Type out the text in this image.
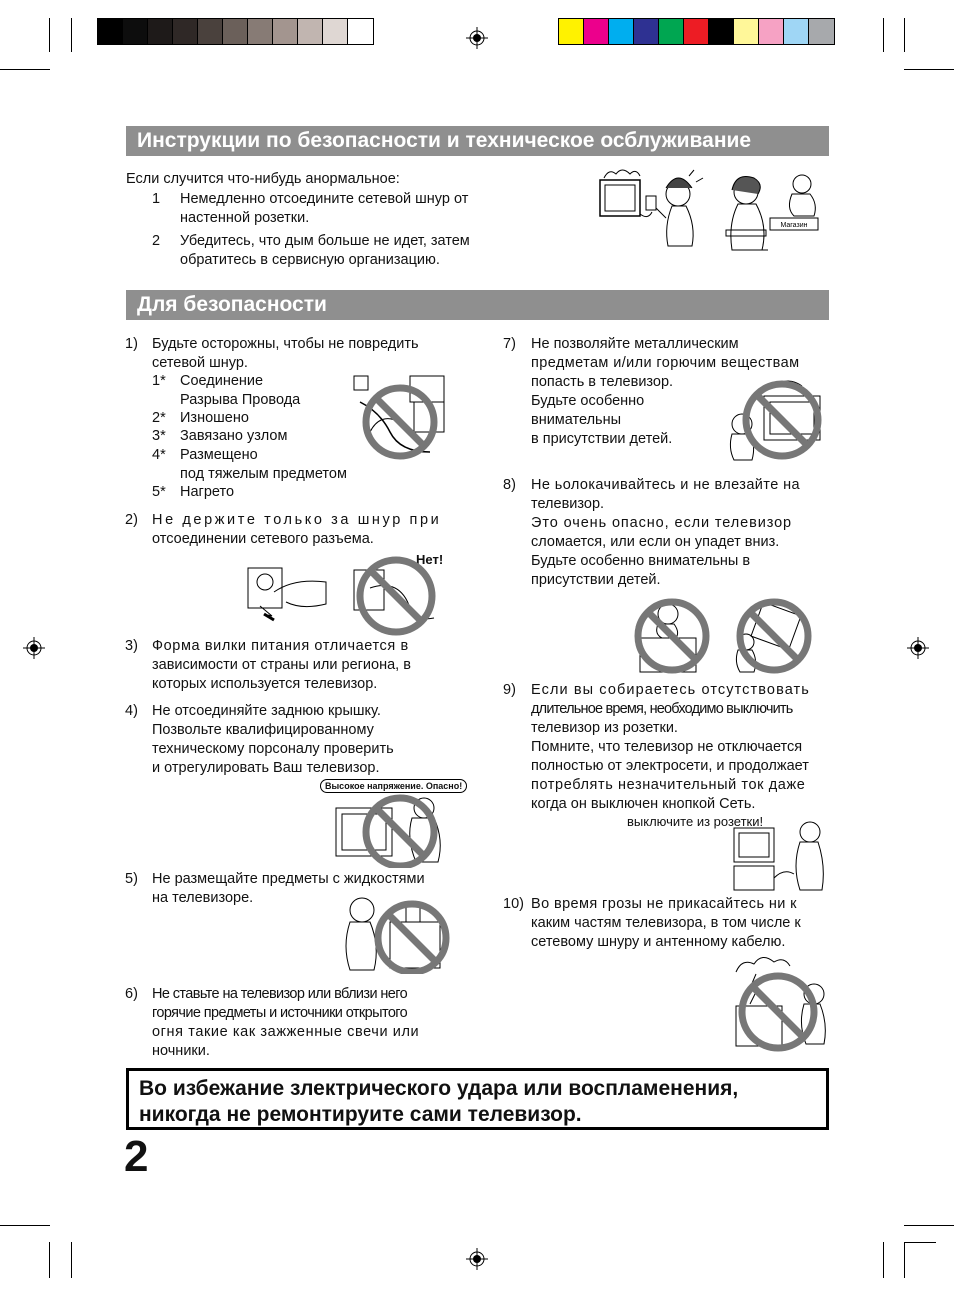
Инструкции по безопасности и техническое осблуживание
Если случится что-нибудь анормальное:
1 Немедленно отсоедините сетевой шнур от
настенной розетки.
2 Убедитесь, что дым больше не идет, затем
обратитесь в сервисную организацию.
Магазин
Для безопасности
1) Будьте осторожны, чтобы не повредить
сетевой шнур.
1* Соединение
Разрыва Провода
2* Изношено
3* Завязано узлом
4* Размещено
под тяжелым предметом
5* Нагрето
2) Не держите только за шнур при
отсоединении сетевого разъема.
Нет!
3) Форма вилки питания отличается в
зависимости от страны или региона, в
которых используется телевизор.
4) Не отсоединяйте заднюю крышку.
Позвольте квалифицированному
техническому порсоналу проверить
и отрегулировать Ваш телевизор.
Высокое напряжение. Опасно!
5) Не размещайте предметы с жидкостями
на телевизоре.
6) Не ставьте на телевизор или вблизи него
горячие предметы и источники открытого
огня такие как зажженные свечи или
ночники.
7) Не позволяйте металлическим
предметам и/или горючим веществам
попасть в телевизор.
Будьте особенно
внимательны
в присутствии детей.
8) Не ьолокачивайтесь и не влезайте на
телевизор.
Это очень опасно, если телевизор
сломается, или если он упадет вниз.
Будьте особенно внимательны в
присутствии детей.
9) Если вы собираетесь отсутствовать
длительное время, необходимо выключить
телевизор из розетки.
Помните, что телевизор не отключается
полностью от электросети, и продолжает
потреблять незначительный ток даже
когда он выключен кнопкой Сеть.
выключите из розетки!
10) Во время грозы не прикасайтесь ни к
каким частям телевизора, в том числе к
сетевому шнуру и антенному кабелю.
Во избежание злектрического удара или воспламенения,
никогда не ремонтируите сами телевизор.
2
